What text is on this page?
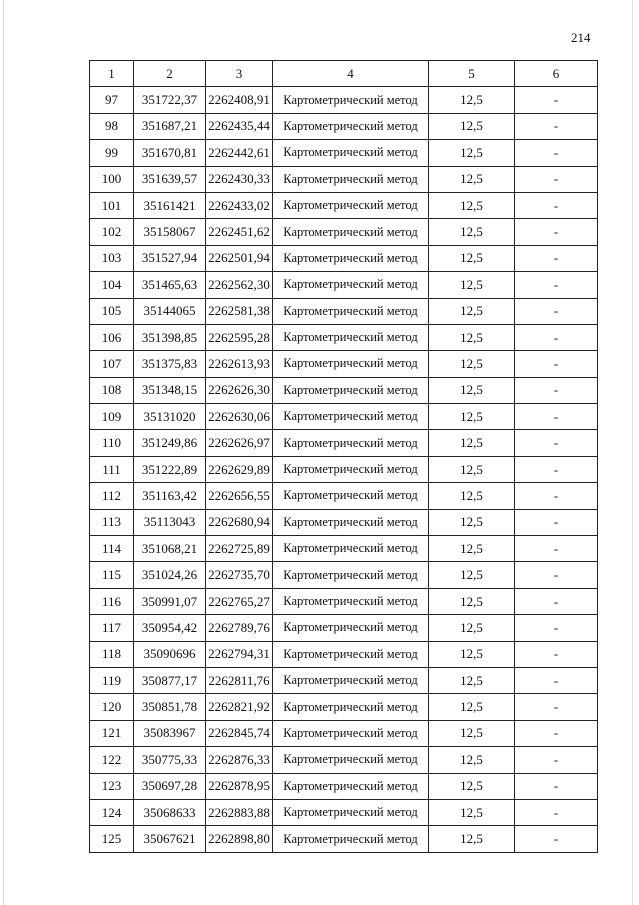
214
1	2	3	4	5	6
97	351722,37	2262408,91	Картометрический метод	12,5	-
98	351687,21	2262435,44	Картометрический метод	12,5	-
99	351670,81	2262442,61	Картометрический метод	12,5	-
100	351639,57	2262430,33	Картометрический метод	12,5	-
101	35161421	2262433,02	Картометрический метод	12,5	-
102	35158067	2262451,62	Картометрический метод	12,5	-
103	351527,94	2262501,94	Картометрический метод	12,5	-
104	351465,63	2262562,30	Картометрический метод	12,5	-
105	35144065	2262581,38	Картометрический метод	12,5	-
106	351398,85	2262595,28	Картометрический метод	12,5	-
107	351375,83	2262613,93	Картометрический метод	12,5	-
108	351348,15	2262626,30	Картометрический метод	12,5	-
109	35131020	2262630,06	Картометрический метод	12,5	-
110	351249,86	2262626,97	Картометрический метод	12,5	-
111	351222,89	2262629,89	Картометрический метод	12,5	-
112	351163,42	2262656,55	Картометрический метод	12,5	-
113	35113043	2262680,94	Картометрический метод	12,5	-
114	351068,21	2262725,89	Картометрический метод	12,5	-
115	351024,26	2262735,70	Картометрический метод	12,5	-
116	350991,07	2262765,27	Картометрический метод	12,5	-
117	350954,42	2262789,76	Картометрический метод	12,5	-
118	35090696	2262794,31	Картометрический метод	12,5	-
119	350877,17	2262811,76	Картометрический метод	12,5	-
120	350851,78	2262821,92	Картометрический метод	12,5	-
121	35083967	2262845,74	Картометрический метод	12,5	-
122	350775,33	2262876,33	Картометрический метод	12,5	-
123	350697,28	2262878,95	Картометрический метод	12,5	-
124	35068633	2262883,88	Картометрический метод	12,5	-
125	35067621	2262898,80	Картометрический метод	12,5	-
